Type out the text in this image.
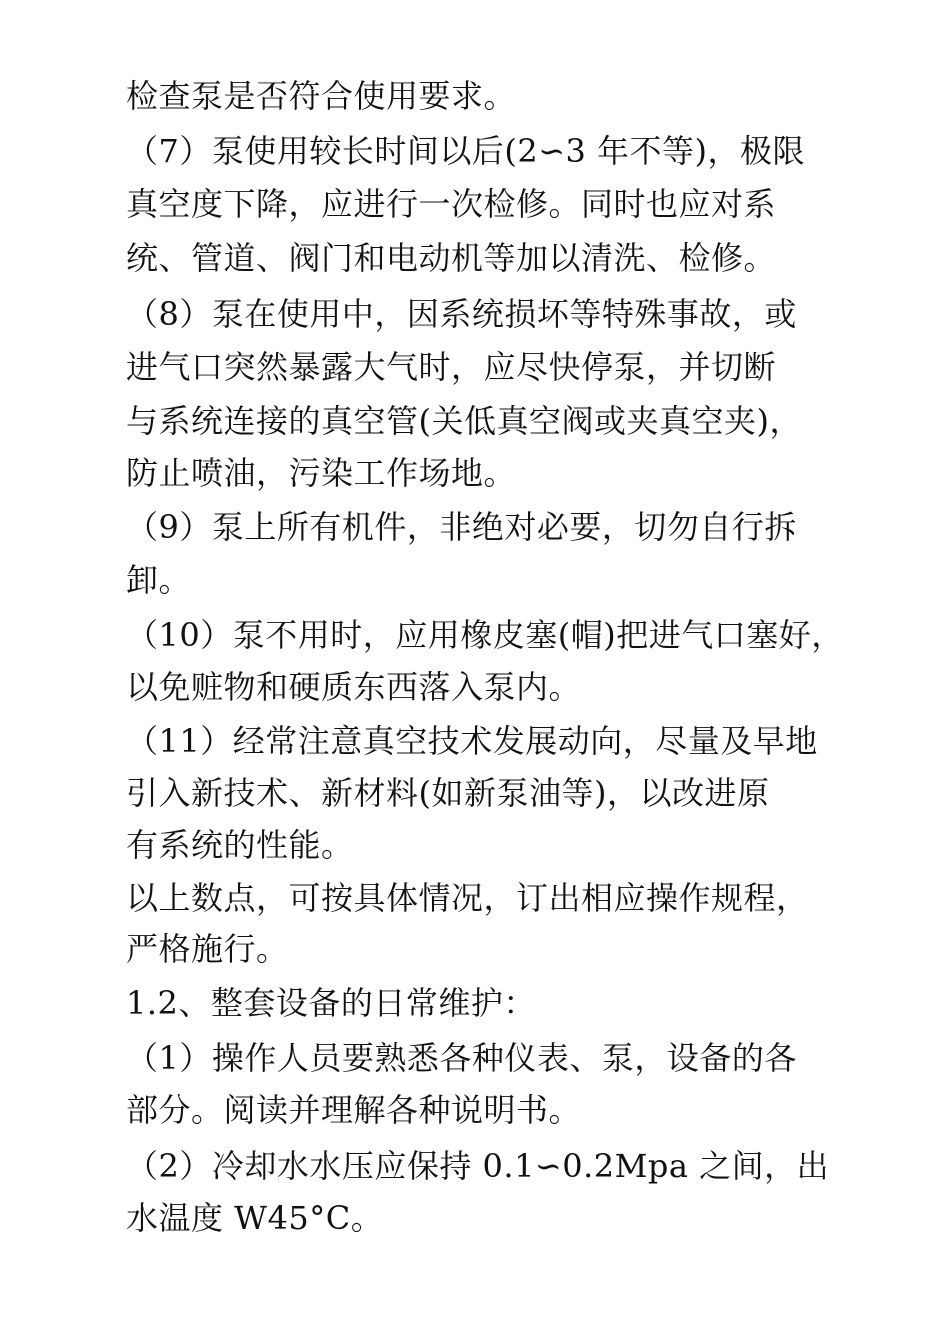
检查泵是否符合使用要求。
（7）泵使用较长时间以后(2∽3 年不等)，极限
真空度下降，应进行一次检修。同时也应对系
统、管道、阀门和电动机等加以清洗、检修。
（8）泵在使用中，因系统损坏等特殊事故，或
进气口突然暴露大气时，应尽快停泵，并切断
与系统连接的真空管(关低真空阀或夹真空夹)，
防止喷油，污染工作场地。
（9）泵上所有机件，非绝对必要，切勿自行拆
卸。
（10）泵不用时，应用橡皮塞(帽)把进气口塞好，
以免赃物和硬质东西落入泵内。
（11）经常注意真空技术发展动向，尽量及早地
引入新技术、新材料(如新泵油等)，以改进原
有系统的性能。
以上数点，可按具体情况，订出相应操作规程，
严格施行。
1.2、整套设备的日常维护：
（1）操作人员要熟悉各种仪表、泵，设备的各
部分。阅读并理解各种说明书。
（2）冷却水水压应保持 0.1∽0.2Mpa 之间，出
水温度 W45°C。
